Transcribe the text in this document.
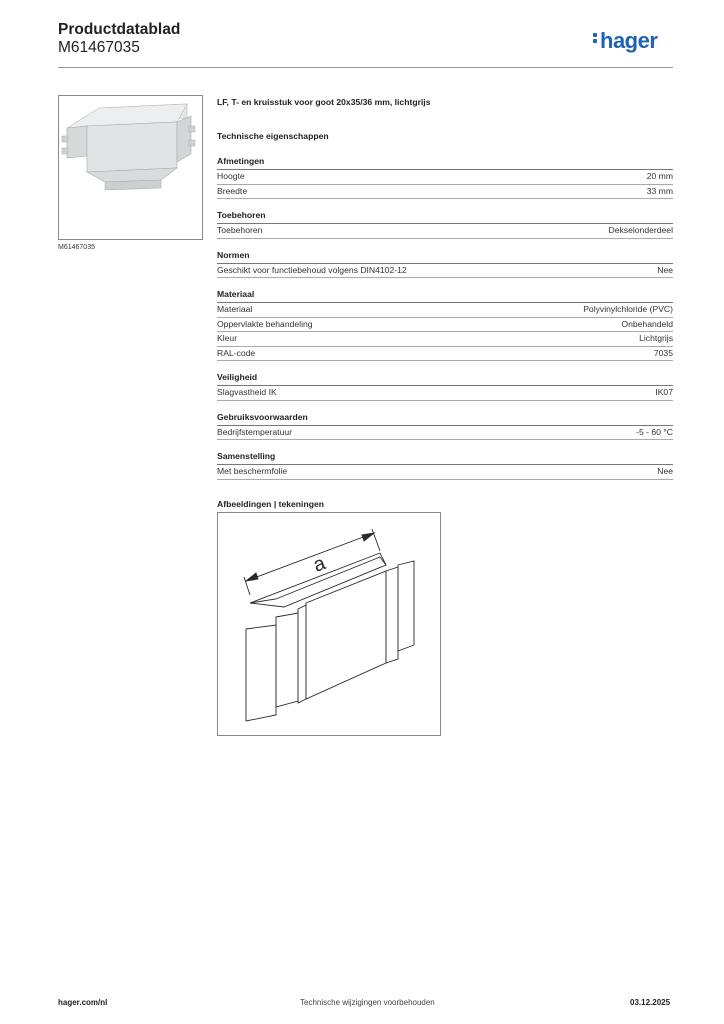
Productdatablad
M61467035	hager
M61467035
LF, T- en kruisstuk voor goot 20x35/36 mm, lichtgrijs
Technische eigenschappen
Afmetingen
Hoogte	20 mm
Breedte	33 mm
Toebehoren
Toebehoren	Dekselonderdeel
Normen
Geschikt voor functiebehoud volgens DIN4102-12	Nee
Materiaal
Materiaal	Polyvinylchloride (PVC)
Oppervlakte behandeling	Onbehandeld
Kleur	Lichtgrijs
RAL-code	7035
Veiligheid
Slagvastheid IK	IK07
Gebruiksvoorwaarden
Bedrijfstemperatuur	-5 - 60 °C
Samenstelling
Met beschermfolie	Nee
Afbeeldingen | tekeningen
a
hager.com/nl	Technische wijzigingen voorbehouden	03.12.2025
